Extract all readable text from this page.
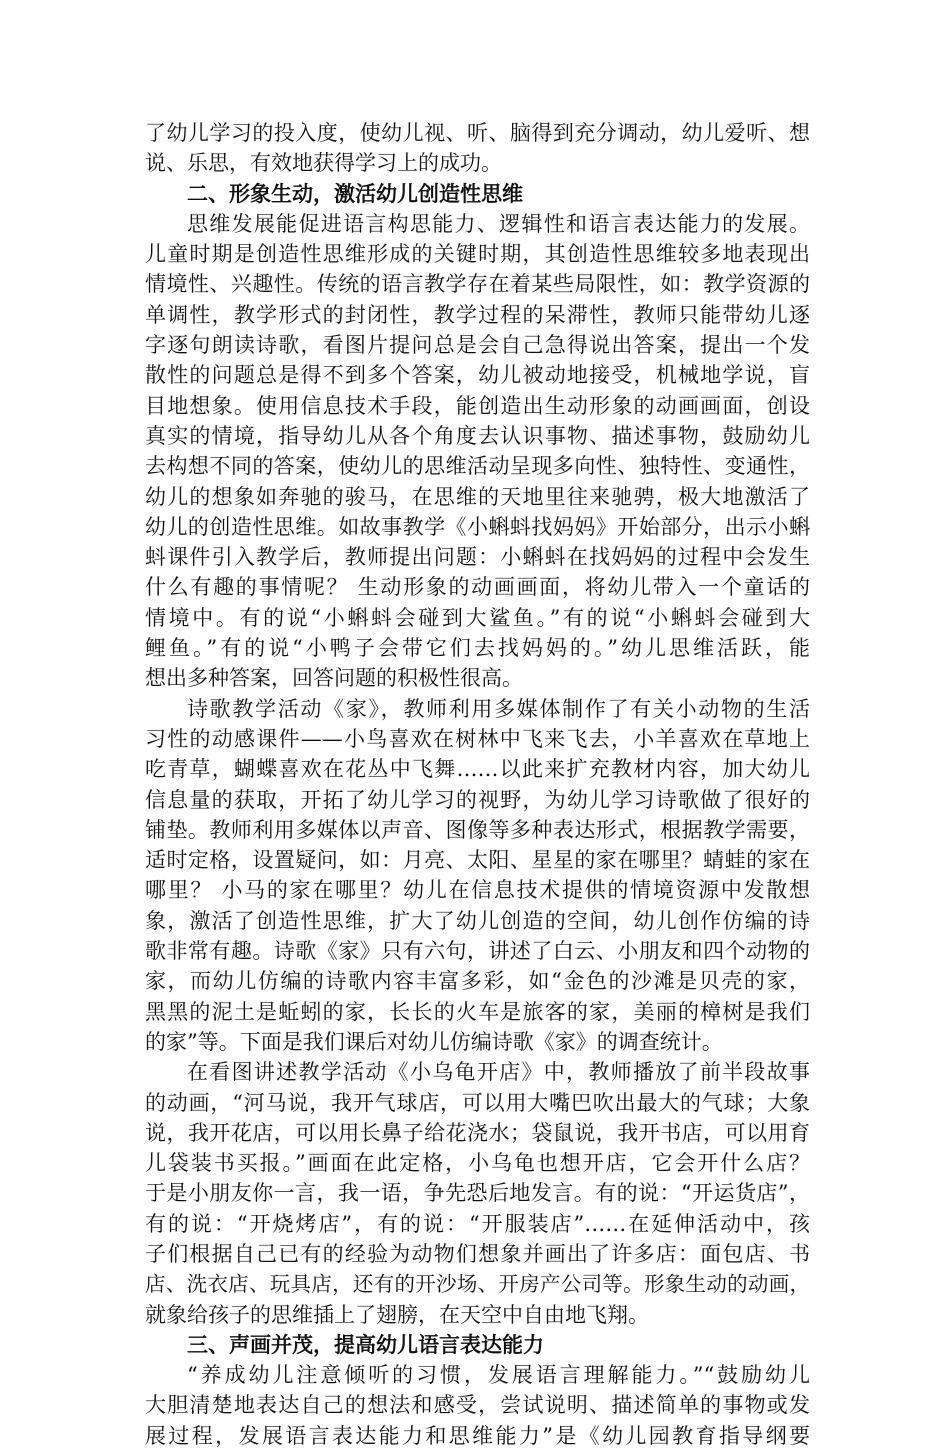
了幼儿学习的投入度，使幼儿视、听、脑得到充分调动，幼儿爱听、想
说、乐思，有效地获得学习上的成功。
二、形象生动，激活幼儿创造性思维
思维发展能促进语言构思能力、逻辑性和语言表达能力的发展。
儿童时期是创造性思维形成的关键时期，其创造性思维较多地表现出
情境性、兴趣性。传统的语言教学存在着某些局限性，如：教学资源的
单调性，教学形式的封闭性，教学过程的呆滞性，教师只能带幼儿逐
字逐句朗读诗歌，看图片提问总是会自己急得说出答案，提出一个发
散性的问题总是得不到多个答案，幼儿被动地接受，机械地学说，盲
目地想象。使用信息技术手段，能创造出生动形象的动画画面，创设
真实的情境，指导幼儿从各个角度去认识事物、描述事物，鼓励幼儿
去构想不同的答案，使幼儿的思维活动呈现多向性、独特性、变通性，
幼儿的想象如奔驰的骏马，在思维的天地里往来驰骋，极大地激活了
幼儿的创造性思维。如故事教学《小蝌蚪找妈妈》开始部分，出示小蝌
蚪课件引入教学后，教师提出问题：小蝌蚪在找妈妈的过程中会发生
什么有趣的事情呢？ 生动形象的动画画面，将幼儿带入一个童话的
情境中。有的说“小蝌蚪会碰到大鲨鱼。”有的说“小蝌蚪会碰到大
鲤鱼。”有的说“小鸭子会带它们去找妈妈的。”幼儿思维活跃，能
想出多种答案，回答问题的积极性很高。
诗歌教学活动《家》，教师利用多媒体制作了有关小动物的生活
习性的动感课件——小鸟喜欢在树林中飞来飞去，小羊喜欢在草地上
吃青草，蝴蝶喜欢在花丛中飞舞……以此来扩充教材内容，加大幼儿
信息量的获取，开拓了幼儿学习的视野，为幼儿学习诗歌做了很好的
铺垫。教师利用多媒体以声音、图像等多种表达形式，根据教学需要，
适时定格，设置疑问，如：月亮、太阳、星星的家在哪里？蜻蛙的家在
哪里？ 小马的家在哪里？幼儿在信息技术提供的情境资源中发散想
象，激活了创造性思维，扩大了幼儿创造的空间，幼儿创作仿编的诗
歌非常有趣。诗歌《家》只有六句，讲述了白云、小朋友和四个动物的
家，而幼儿仿编的诗歌内容丰富多彩，如“金色的沙滩是贝壳的家，
黑黑的泥土是蚯蚓的家，长长的火车是旅客的家，美丽的樟树是我们
的家”等。下面是我们课后对幼儿仿编诗歌《家》的调查统计。
在看图讲述教学活动《小乌龟开店》中，教师播放了前半段故事
的动画，“河马说，我开气球店，可以用大嘴巴吹出最大的气球；大象
说，我开花店，可以用长鼻子给花浇水；袋鼠说，我开书店，可以用育
儿袋装书买报。”画面在此定格，小乌龟也想开店，它会开什么店？
于是小朋友你一言，我一语，争先恐后地发言。有的说：“开运货店”，
有的说：“开烧烤店”，有的说：“开服装店”……在延伸活动中，孩
子们根据自己已有的经验为动物们想象并画出了许多店：面包店、书
店、洗衣店、玩具店，还有的开沙场、开房产公司等。形象生动的动画，
就象给孩子的思维插上了翅膀，在天空中自由地飞翔。
三、声画并茂，提高幼儿语言表达能力
“养成幼儿注意倾听的习惯，发展语言理解能力。”“鼓励幼儿
大胆清楚地表达自己的想法和感受，尝试说明、描述简单的事物或发
展过程，发展语言表达能力和思维能力”是《幼儿园教育指导纲要
